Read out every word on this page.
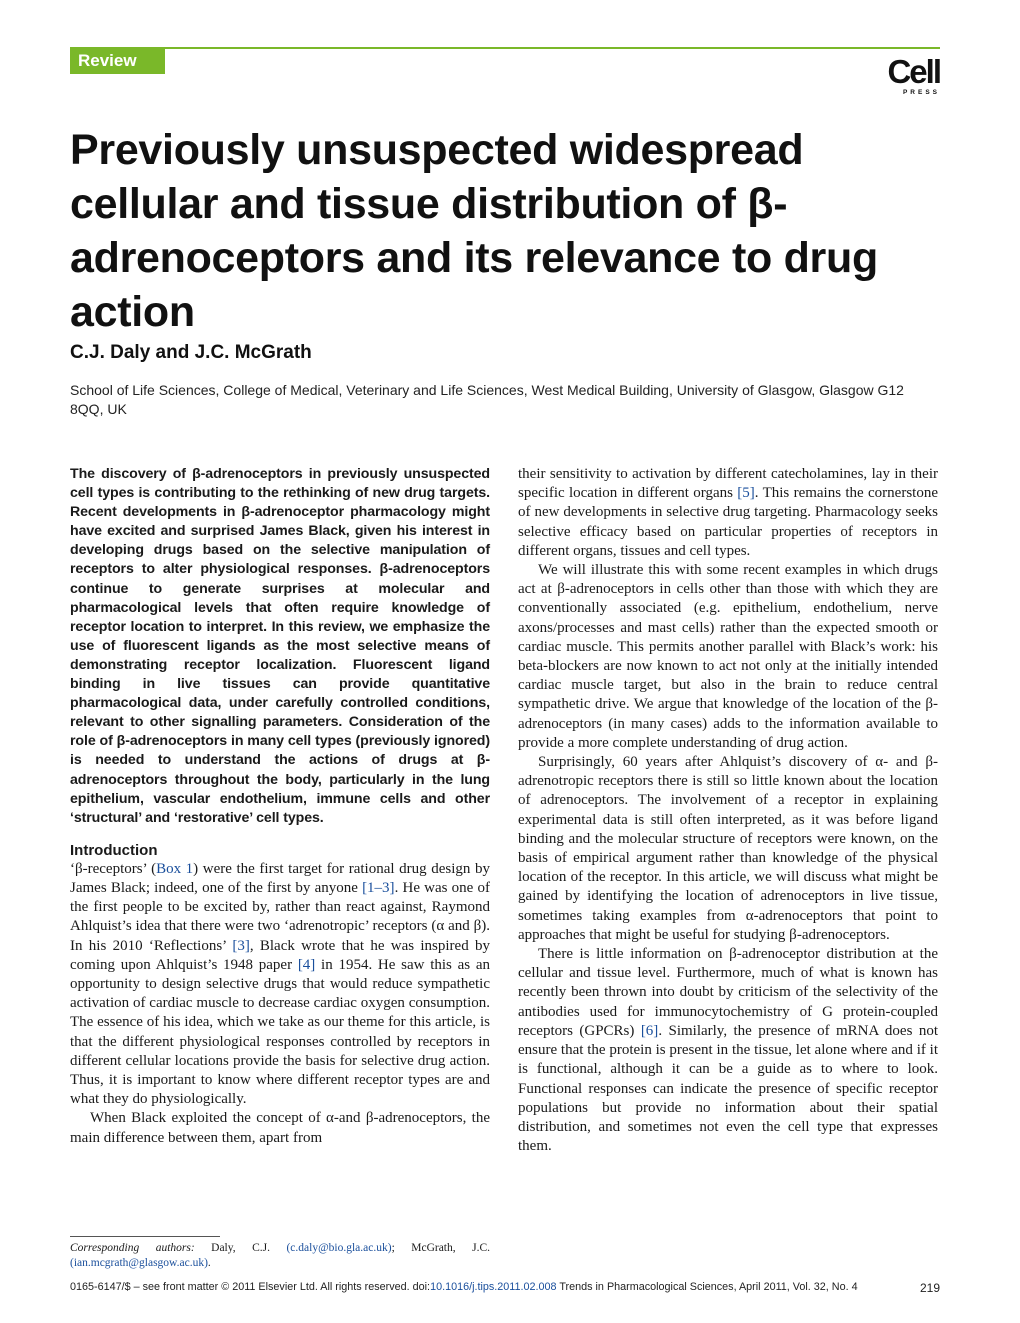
Review	Cell
PRESS
Previously unsuspected widespread cellular and tissue distribution of β-adrenoceptors and its relevance to drug action
C.J. Daly and J.C. McGrath
School of Life Sciences, College of Medical, Veterinary and Life Sciences, West Medical Building, University of Glasgow, Glasgow G12 8QQ, UK

The discovery of β-adrenoceptors in previously unsuspected cell types is contributing to the rethinking of new drug targets. Recent developments in β-adrenoceptor pharmacology might have excited and surprised James Black, given his interest in developing drugs based on the selective manipulation of receptors to alter physiological responses. β-adrenoceptors continue to generate surprises at molecular and pharmacological levels that often require knowledge of receptor location to interpret. In this review, we emphasize the use of fluorescent ligands as the most selective means of demonstrating receptor localization. Fluorescent ligand binding in live tissues can provide quantitative pharmacological data, under carefully controlled conditions, relevant to other signalling parameters. Consideration of the role of β-adrenoceptors in many cell types (previously ignored) is needed to understand the actions of drugs at β-adrenoceptors throughout the body, particularly in the lung epithelium, vascular endothelium, immune cells and other ‘structural’ and ‘restorative’ cell types.

Introduction

‘β-receptors’ (Box 1) were the first target for rational drug design by James Black; indeed, one of the first by anyone [1–3]. He was one of the first people to be excited by, rather than react against, Raymond Ahlquist’s idea that there were two ‘adrenotropic’ receptors (α and β). In his 2010 ‘Reflections’ [3], Black wrote that he was inspired by coming upon Ahlquist’s 1948 paper [4] in 1954. He saw this as an opportunity to design selective drugs that would reduce sympathetic activation of cardiac muscle to decrease cardiac oxygen consumption. The essence of his idea, which we take as our theme for this article, is that the different physiological responses controlled by receptors in different cellular locations provide the basis for selective drug action. Thus, it is important to know where different receptor types are and what they do physiologically.

When Black exploited the concept of α-and β-adrenoceptors, the main difference between them, apart from

their sensitivity to activation by different catecholamines, lay in their specific location in different organs [5]. This remains the cornerstone of new developments in selective drug targeting. Pharmacology seeks selective efficacy based on particular properties of receptors in different organs, tissues and cell types.

We will illustrate this with some recent examples in which drugs act at β-adrenoceptors in cells other than those with which they are conventionally associated (e.g. epithelium, endothelium, nerve axons/processes and mast cells) rather than the expected smooth or cardiac muscle. This permits another parallel with Black’s work: his beta-blockers are now known to act not only at the initially intended cardiac muscle target, but also in the brain to reduce central sympathetic drive. We argue that knowledge of the location of the β-adrenoceptors (in many cases) adds to the information available to provide a more complete understanding of drug action.

Surprisingly, 60 years after Ahlquist’s discovery of α- and β-adrenotropic receptors there is still so little known about the location of adrenoceptors. The involvement of a receptor in explaining experimental data is still often interpreted, as it was before ligand binding and the molecular structure of receptors were known, on the basis of empirical argument rather than knowledge of the physical location of the receptor. In this article, we will discuss what might be gained by identifying the location of adrenoceptors in live tissue, sometimes taking examples from α-adrenoceptors that point to approaches that might be useful for studying β-adrenoceptors.

There is little information on β-adrenoceptor distribution at the cellular and tissue level. Furthermore, much of what is known has recently been thrown into doubt by criticism of the selectivity of the antibodies used for immunocytochemistry of G protein-coupled receptors (GPCRs) [6]. Similarly, the presence of mRNA does not ensure that the protein is present in the tissue, let alone where and if it is functional, although it can be a guide as to where to look. Functional responses can indicate the presence of specific receptor populations but provide no information about their spatial distribution, and sometimes not even the cell type that expresses them.

Corresponding authors: Daly, C.J. (c.daly@bio.gla.ac.uk); McGrath, J.C. (ian.mcgrath@glasgow.ac.uk).
0165-6147/$ – see front matter © 2011 Elsevier Ltd. All rights reserved. doi:10.1016/j.tips.2011.02.008 Trends in Pharmacological Sciences, April 2011, Vol. 32, No. 4	219
